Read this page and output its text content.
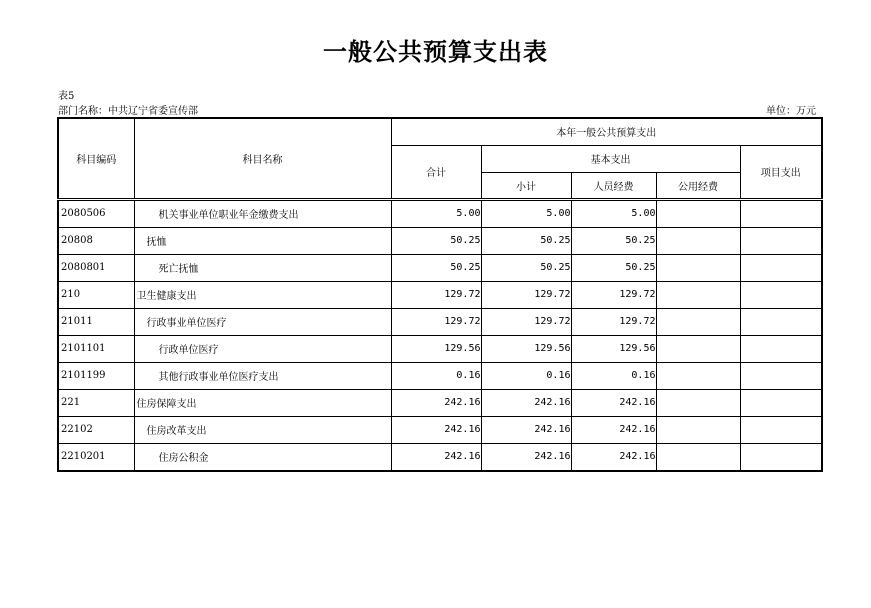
一般公共预算支出表
表5
部门名称：中共辽宁省委宣传部	单位：万元
科目编码	科目名称	本年一般公共预算支出				
		合计	基本支出			项目支出
			小计	人员经费	公用经费	
2080506	机关事业单位职业年金缴费支出	5.00	5.00	5.00		
20808	抚恤	50.25	50.25	50.25		
2080801	死亡抚恤	50.25	50.25	50.25		
210	卫生健康支出	129.72	129.72	129.72		
21011	行政事业单位医疗	129.72	129.72	129.72		
2101101	行政单位医疗	129.56	129.56	129.56		
2101199	其他行政事业单位医疗支出	0.16	0.16	0.16		
221	住房保障支出	242.16	242.16	242.16		
22102	住房改革支出	242.16	242.16	242.16		
2210201	住房公积金	242.16	242.16	242.16		
